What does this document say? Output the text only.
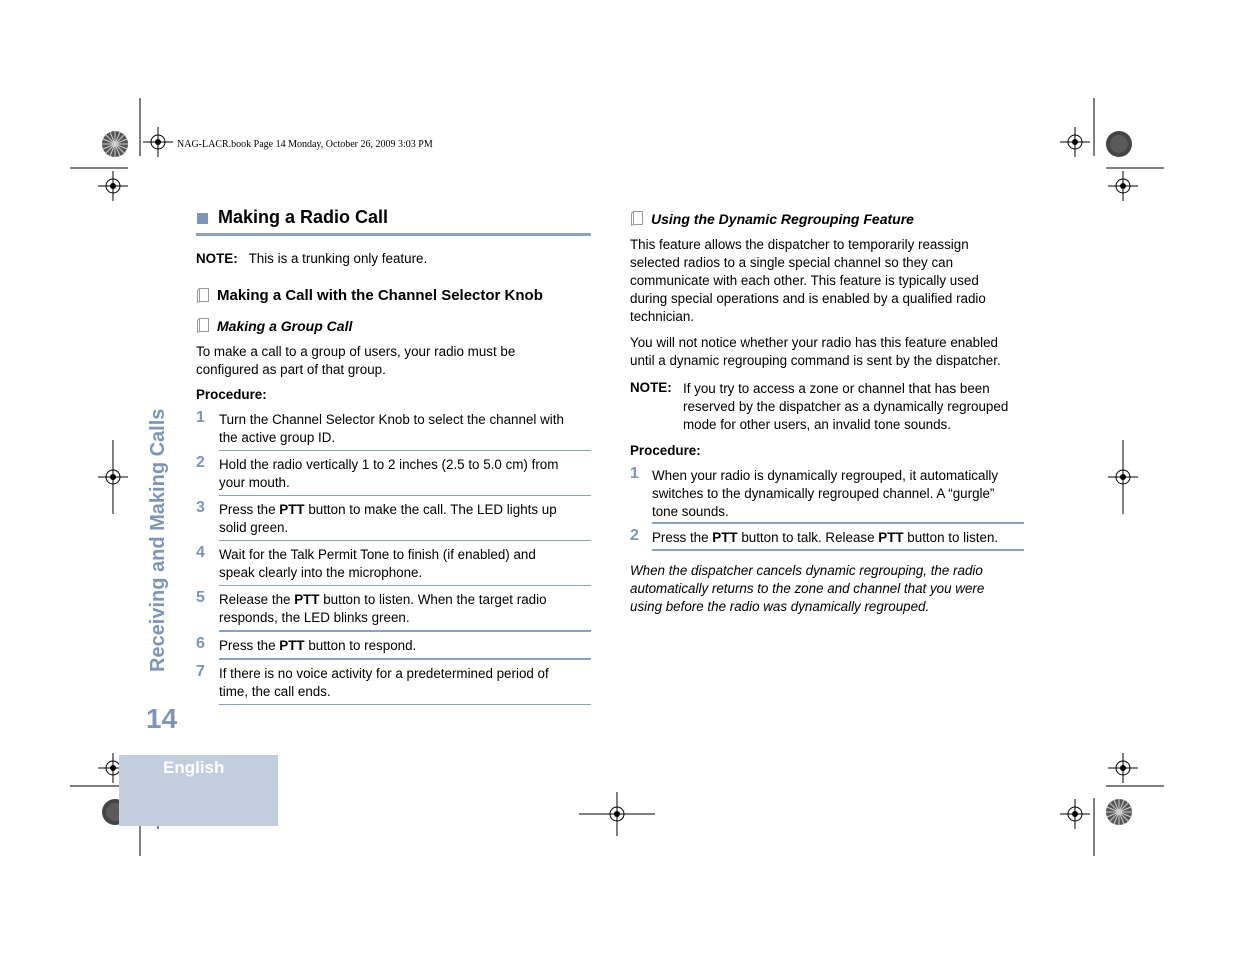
NAG-LACR.book Page 14 Monday, October 26, 2009 3:03 PM
Receiving and Making Calls
14
English
Making a Radio Call
NOTE: This is a trunking only feature.
Making a Call with the Channel Selector Knob
Making a Group Call
To make a call to a group of users, your radio must be configured as part of that group.
Procedure:
1 Turn the Channel Selector Knob to select the channel with
the active group ID.
2 Hold the radio vertically 1 to 2 inches (2.5 to 5.0 cm) from
your mouth.
3 Press the PTT button to make the call. The LED lights up
solid green.
4 Wait for the Talk Permit Tone to finish (if enabled) and
speak clearly into the microphone.
5 Release the PTT button to listen. When the target radio
responds, the LED blinks green.
6 Press the PTT button to respond.
7 If there is no voice activity for a predetermined period of
time, the call ends.
Using the Dynamic Regrouping Feature
This feature allows the dispatcher to temporarily reassign
selected radios to a single special channel so they can
communicate with each other. This feature is typically used
during special operations and is enabled by a qualified radio
technician.
You will not notice whether your radio has this feature enabled
until a dynamic regrouping command is sent by the dispatcher.
NOTE: If you try to access a zone or channel that has been
reserved by the dispatcher as a dynamically regrouped
mode for other users, an invalid tone sounds.
Procedure:
1 When your radio is dynamically regrouped, it automatically
switches to the dynamically regrouped channel. A “gurgle”
tone sounds.
2 Press the PTT button to talk. Release PTT button to listen.
When the dispatcher cancels dynamic regrouping, the radio
automatically returns to the zone and channel that you were
using before the radio was dynamically regrouped.
